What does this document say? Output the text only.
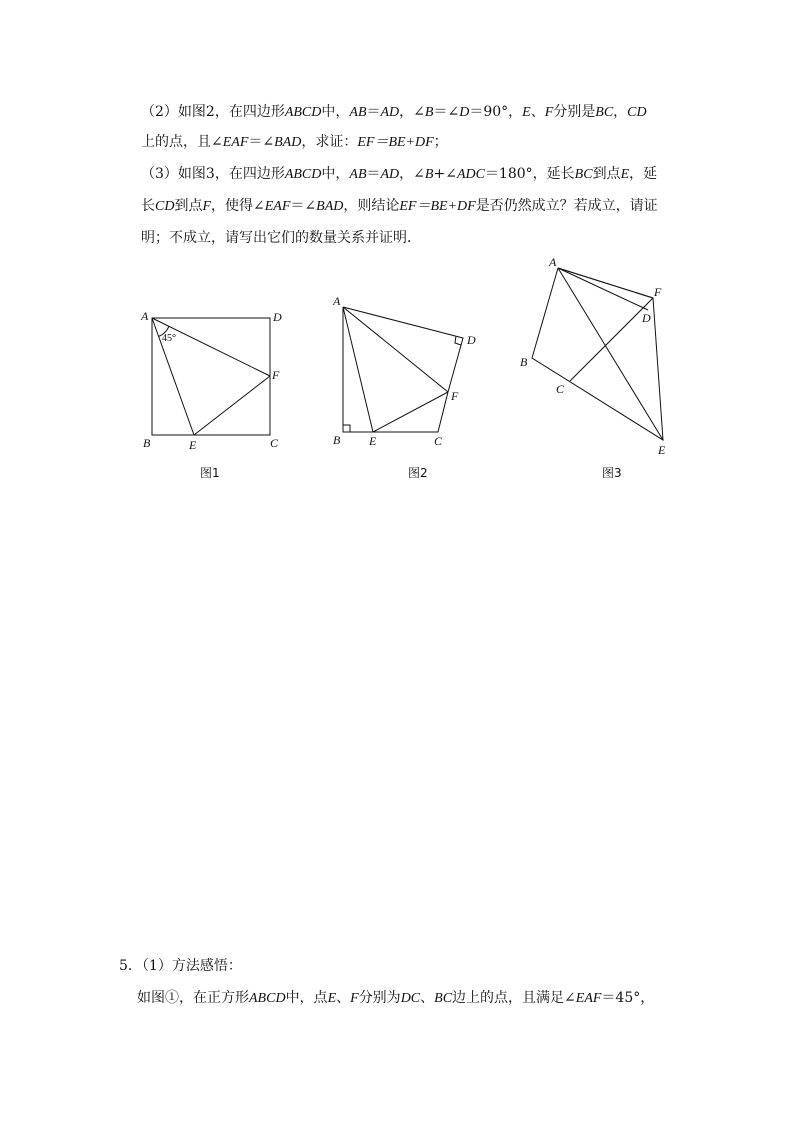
（2）如图2，在四边形ABCD中，AB＝AD，∠B＝∠D＝90°，E、F分别是BC，CD
上的点，且∠EAF＝∠BAD，求证：EF＝BE+DF；
（3）如图3，在四边形ABCD中，AB＝AD，∠B+∠ADC＝180°，延长BC到点E，延
长CD到点F，使得∠EAF＝∠BAD，则结论EF＝BE+DF是否仍然成立？若成立，请证
明；不成立，请写出它们的数量关系并证明．
A	D
F
B	E	C
45°
图1
A
D
F
B E	C
图2
A
F
D
B
C
E
图3
5．（1）方法感悟：
如图①，在正方形ABCD中，点E、F分别为DC、BC边上的点，且满足∠EAF＝45°，
